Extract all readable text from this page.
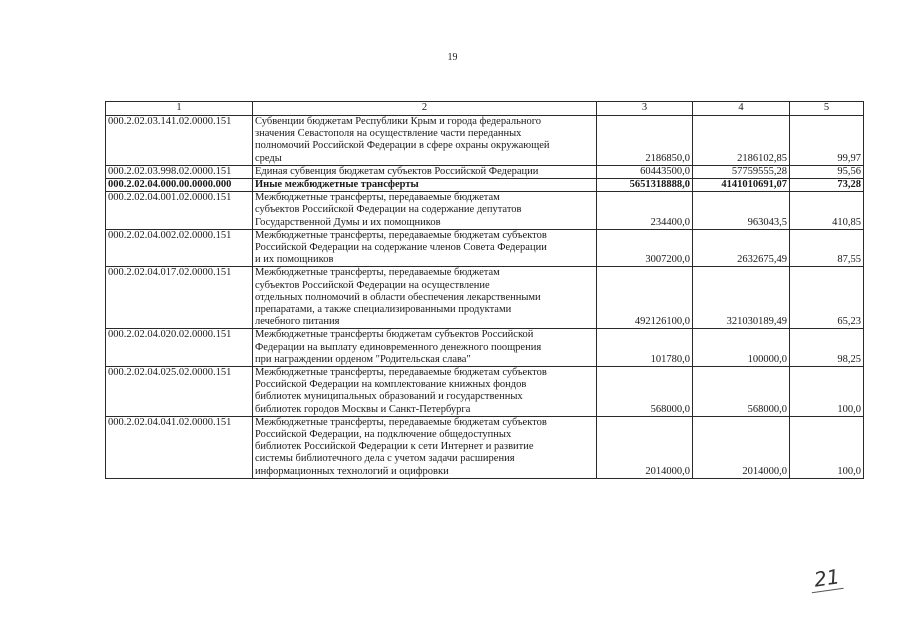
19
1	2	3	4	5
000.2.02.03.141.02.0000.151	Субвенции бюджетам Республики Крым и города федерального
значения Севастополя на осуществление части переданных
полномочий Российской Федерации в сфере охраны окружающей
среды	2186850,0	2186102,85	99,97
000.2.02.03.998.02.0000.151	Единая субвенция бюджетам субъектов Российской Федерации	60443500,0	57759555,28	95,56
000.2.02.04.000.00.0000.000	Иные межбюджетные трансферты	5651318888,0	4141010691,07	73,28
000.2.02.04.001.02.0000.151	Межбюджетные трансферты, передаваемые бюджетам
субъектов Российской Федерации на содержание депутатов
Государственной Думы и их помощников	234400,0	963043,5	410,85
000.2.02.04.002.02.0000.151	Межбюджетные трансферты, передаваемые бюджетам субъектов
Российской Федерации на содержание членов Совета Федерации
и их помощников	3007200,0	2632675,49	87,55
000.2.02.04.017.02.0000.151	Межбюджетные трансферты, передаваемые бюджетам
субъектов Российской Федерации на осуществление
отдельных полномочий в области обеспечения лекарственными
препаратами, а также специализированными продуктами
лечебного питания	492126100,0	321030189,49	65,23
000.2.02.04.020.02.0000.151	Межбюджетные трансферты бюджетам субъектов Российской
Федерации на выплату единовременного денежного поощрения
при награждении орденом "Родительская слава"	101780,0	100000,0	98,25
000.2.02.04.025.02.0000.151	Межбюджетные трансферты, передаваемые бюджетам субъектов
Российской Федерации на комплектование книжных фондов
библиотек муниципальных образований и государственных
библиотек городов Москвы и Санкт-Петербурга	568000,0	568000,0	100,0
000.2.02.04.041.02.0000.151	Межбюджетные трансферты, передаваемые бюджетам субъектов
Российской Федерации, на подключение общедоступных
библиотек Российской Федерации к сети Интернет и развитие
системы библиотечного дела с учетом задачи расширения
информационных технологий и оцифровки	2014000,0	2014000,0	100,0
21
